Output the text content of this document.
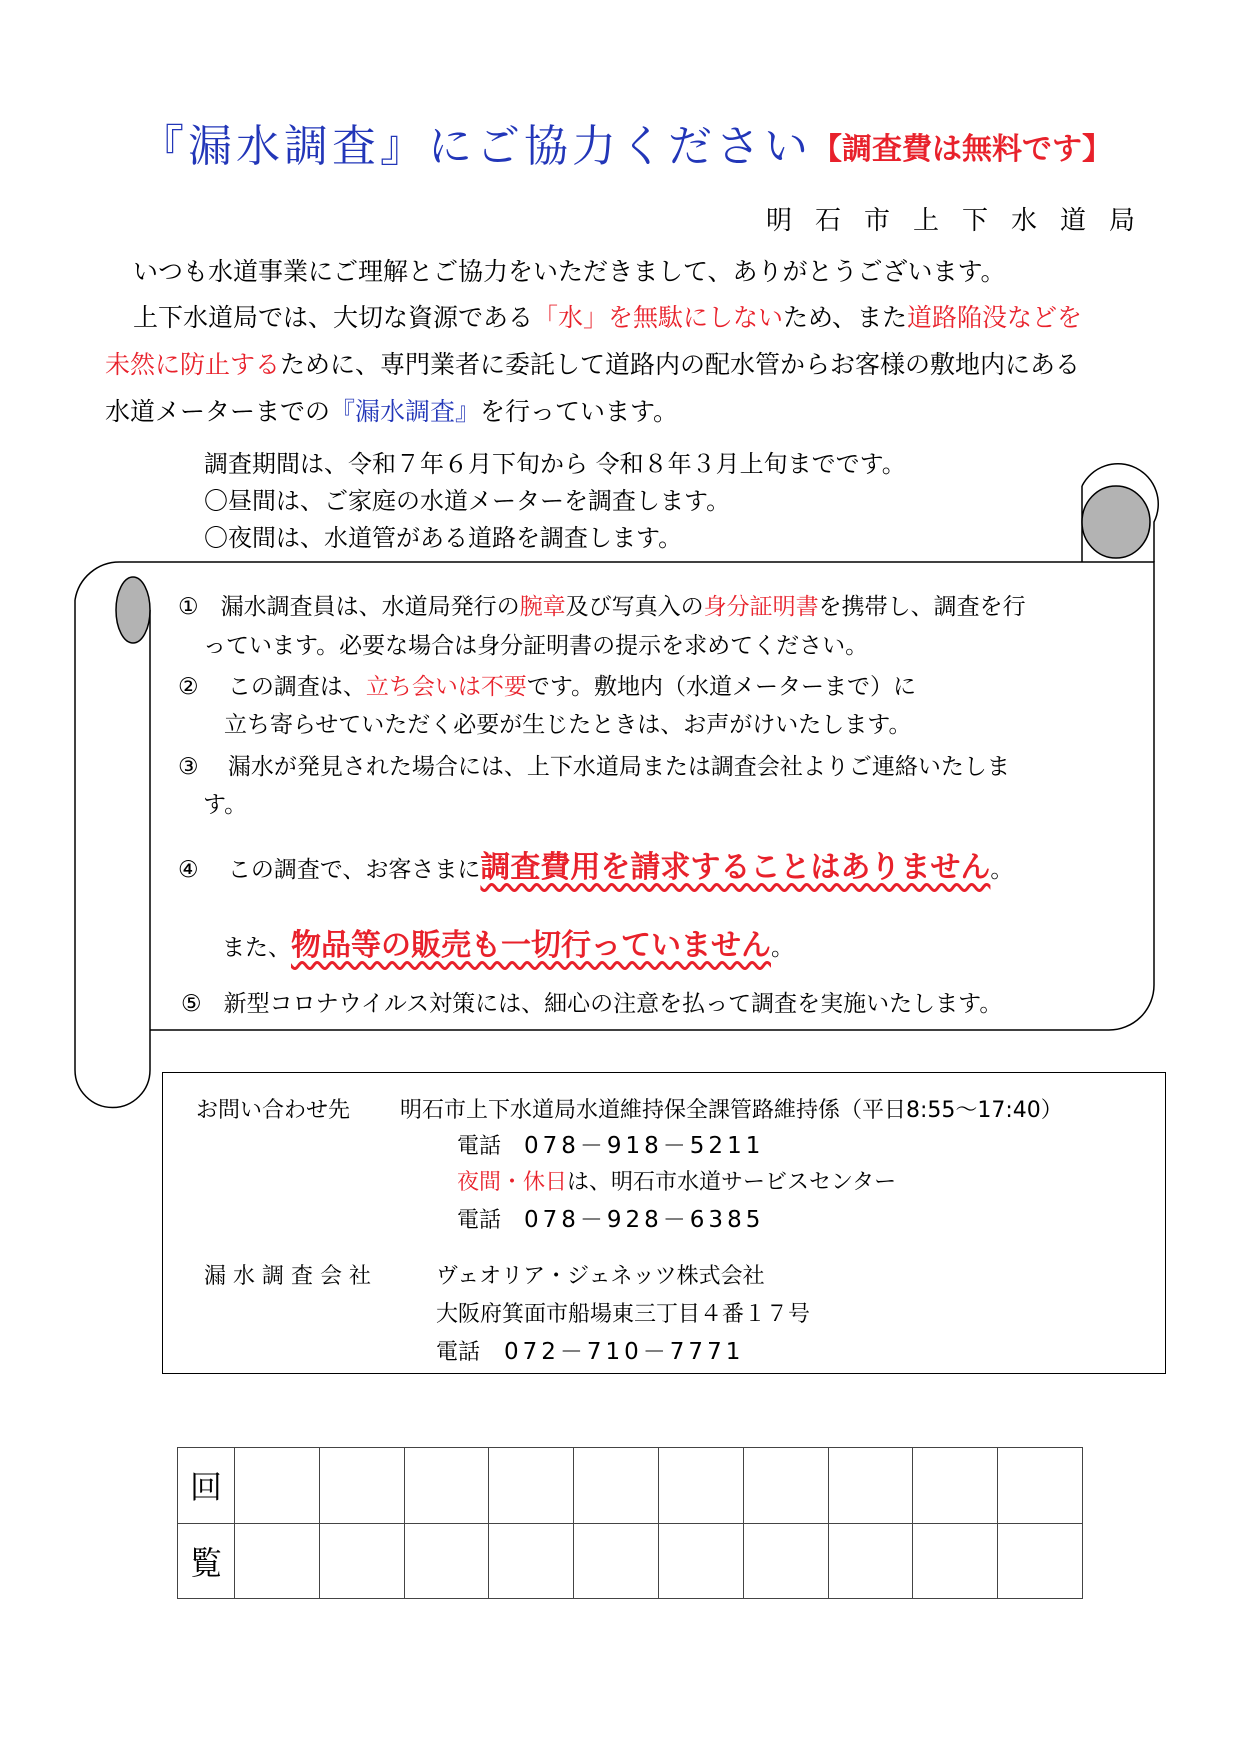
『漏水調査』にご協力ください 【調査費は無料です】
明石市上下水道局
いつも水道事業にご理解とご協力をいただきまして、ありがとうございます。
上下水道局では、大切な資源である「水」を無駄にしないため、また道路陥没などを
未然に防止するために、専門業者に委託して道路内の配水管からお客様の敷地内にある
水道メーターまでの『漏水調査』を行っています。
調査期間は、令和７年６月下旬から 令和８年３月上旬までです。
〇昼間は、ご家庭の水道メーターを調査します。
〇夜間は、水道管がある道路を調査します。
① 漏水調査員は、水道局発行の腕章及び写真入の身分証明書を携帯し、調査を行
っています。必要な場合は身分証明書の提示を求めてください。
② この調査は、立ち会いは不要です。敷地内（水道メーターまで）に
立ち寄らせていただく必要が生じたときは、お声がけいたします。
③ 漏水が発見された場合には、上下水道局または調査会社よりご連絡いたしま
す。
④ この調査で、お客さまに調査費用を請求することはありません。
また、物品等の販売も一切行っていません。
⑤ 新型コロナウイルス対策には、細心の注意を払って調査を実施いたします。
お問い合わせ先 明石市上下水道局水道維持保全課管路維持係（平日8:55～17:40）
電話 078－918－5211
夜間・休日は、明石市水道サービスセンター
電話 078－928－6385
漏水調査会社	ヴェオリア・ジェネッツ株式会社
大阪府箕面市船場東三丁目４番１７号
電話 072－710－7771
回										
覧										
